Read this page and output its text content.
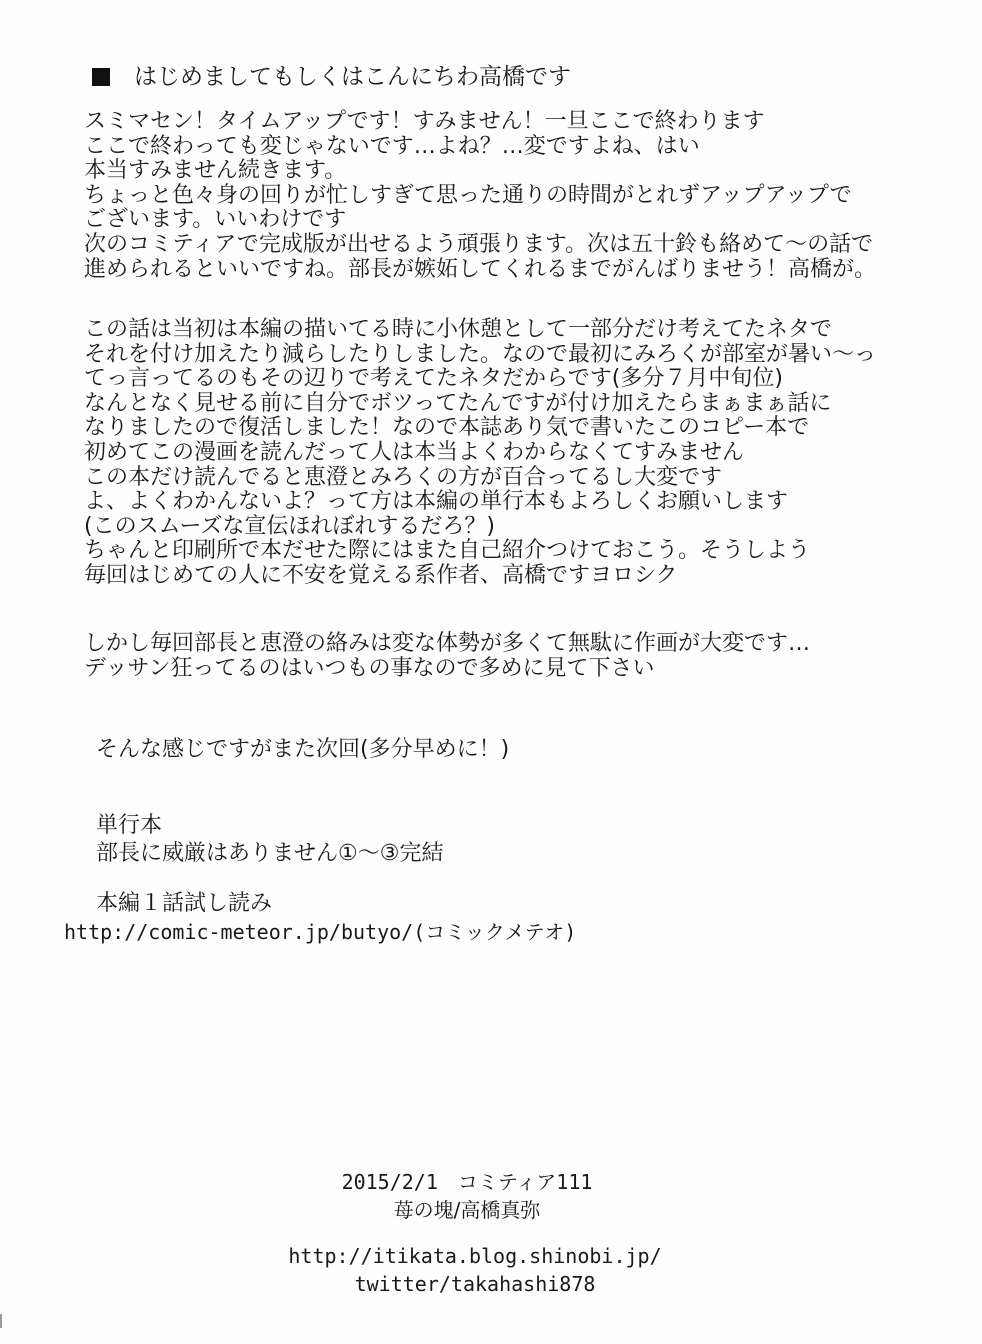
はじめましてもしくはこんにちわ高橋です
スミマセン！タイムアップです！すみません！一旦ここで終わります
ここで終わっても変じゃないです…よね？…変ですよね、はい
本当すみません続きます。
ちょっと色々身の回りが忙しすぎて思った通りの時間がとれずアップアップで
ございます。いいわけです
次のコミティアで完成版が出せるよう頑張ります。次は五十鈴も絡めて～の話で
進められるといいですね。部長が嫉妬してくれるまでがんばりませう！高橋が。
この話は当初は本編の描いてる時に小休憩として一部分だけ考えてたネタで
それを付け加えたり減らしたりしました。なので最初にみろくが部室が暑い～っ
てっ言ってるのもその辺りで考えてたネタだからです(多分７月中旬位)
なんとなく見せる前に自分でボツってたんですが付け加えたらまぁまぁ話に
なりましたので復活しました！なので本誌あり気で書いたこのコピー本で
初めてこの漫画を読んだって人は本当よくわからなくてすみません
この本だけ読んでると恵澄とみろくの方が百合ってるし大変です
よ、よくわかんないよ？って方は本編の単行本もよろしくお願いします
(このスムーズな宣伝ほれぼれするだろ？)
ちゃんと印刷所で本だせた際にはまた自己紹介つけておこう。そうしよう
毎回はじめての人に不安を覚える系作者、高橋ですヨロシク
しかし毎回部長と恵澄の絡みは変な体勢が多くて無駄に作画が大変です…
デッサン狂ってるのはいつもの事なので多めに見て下さい
そんな感じですがまた次回(多分早めに！)
単行本
部長に威厳はありません①～③完結
本編１話試し読み
http://comic-meteor.jp/butyo/(コミックメテオ)
2015/2/1　コミティア111
苺の塊/高橋真弥
http://itikata.blog.shinobi.jp/
twitter/takahashi878
